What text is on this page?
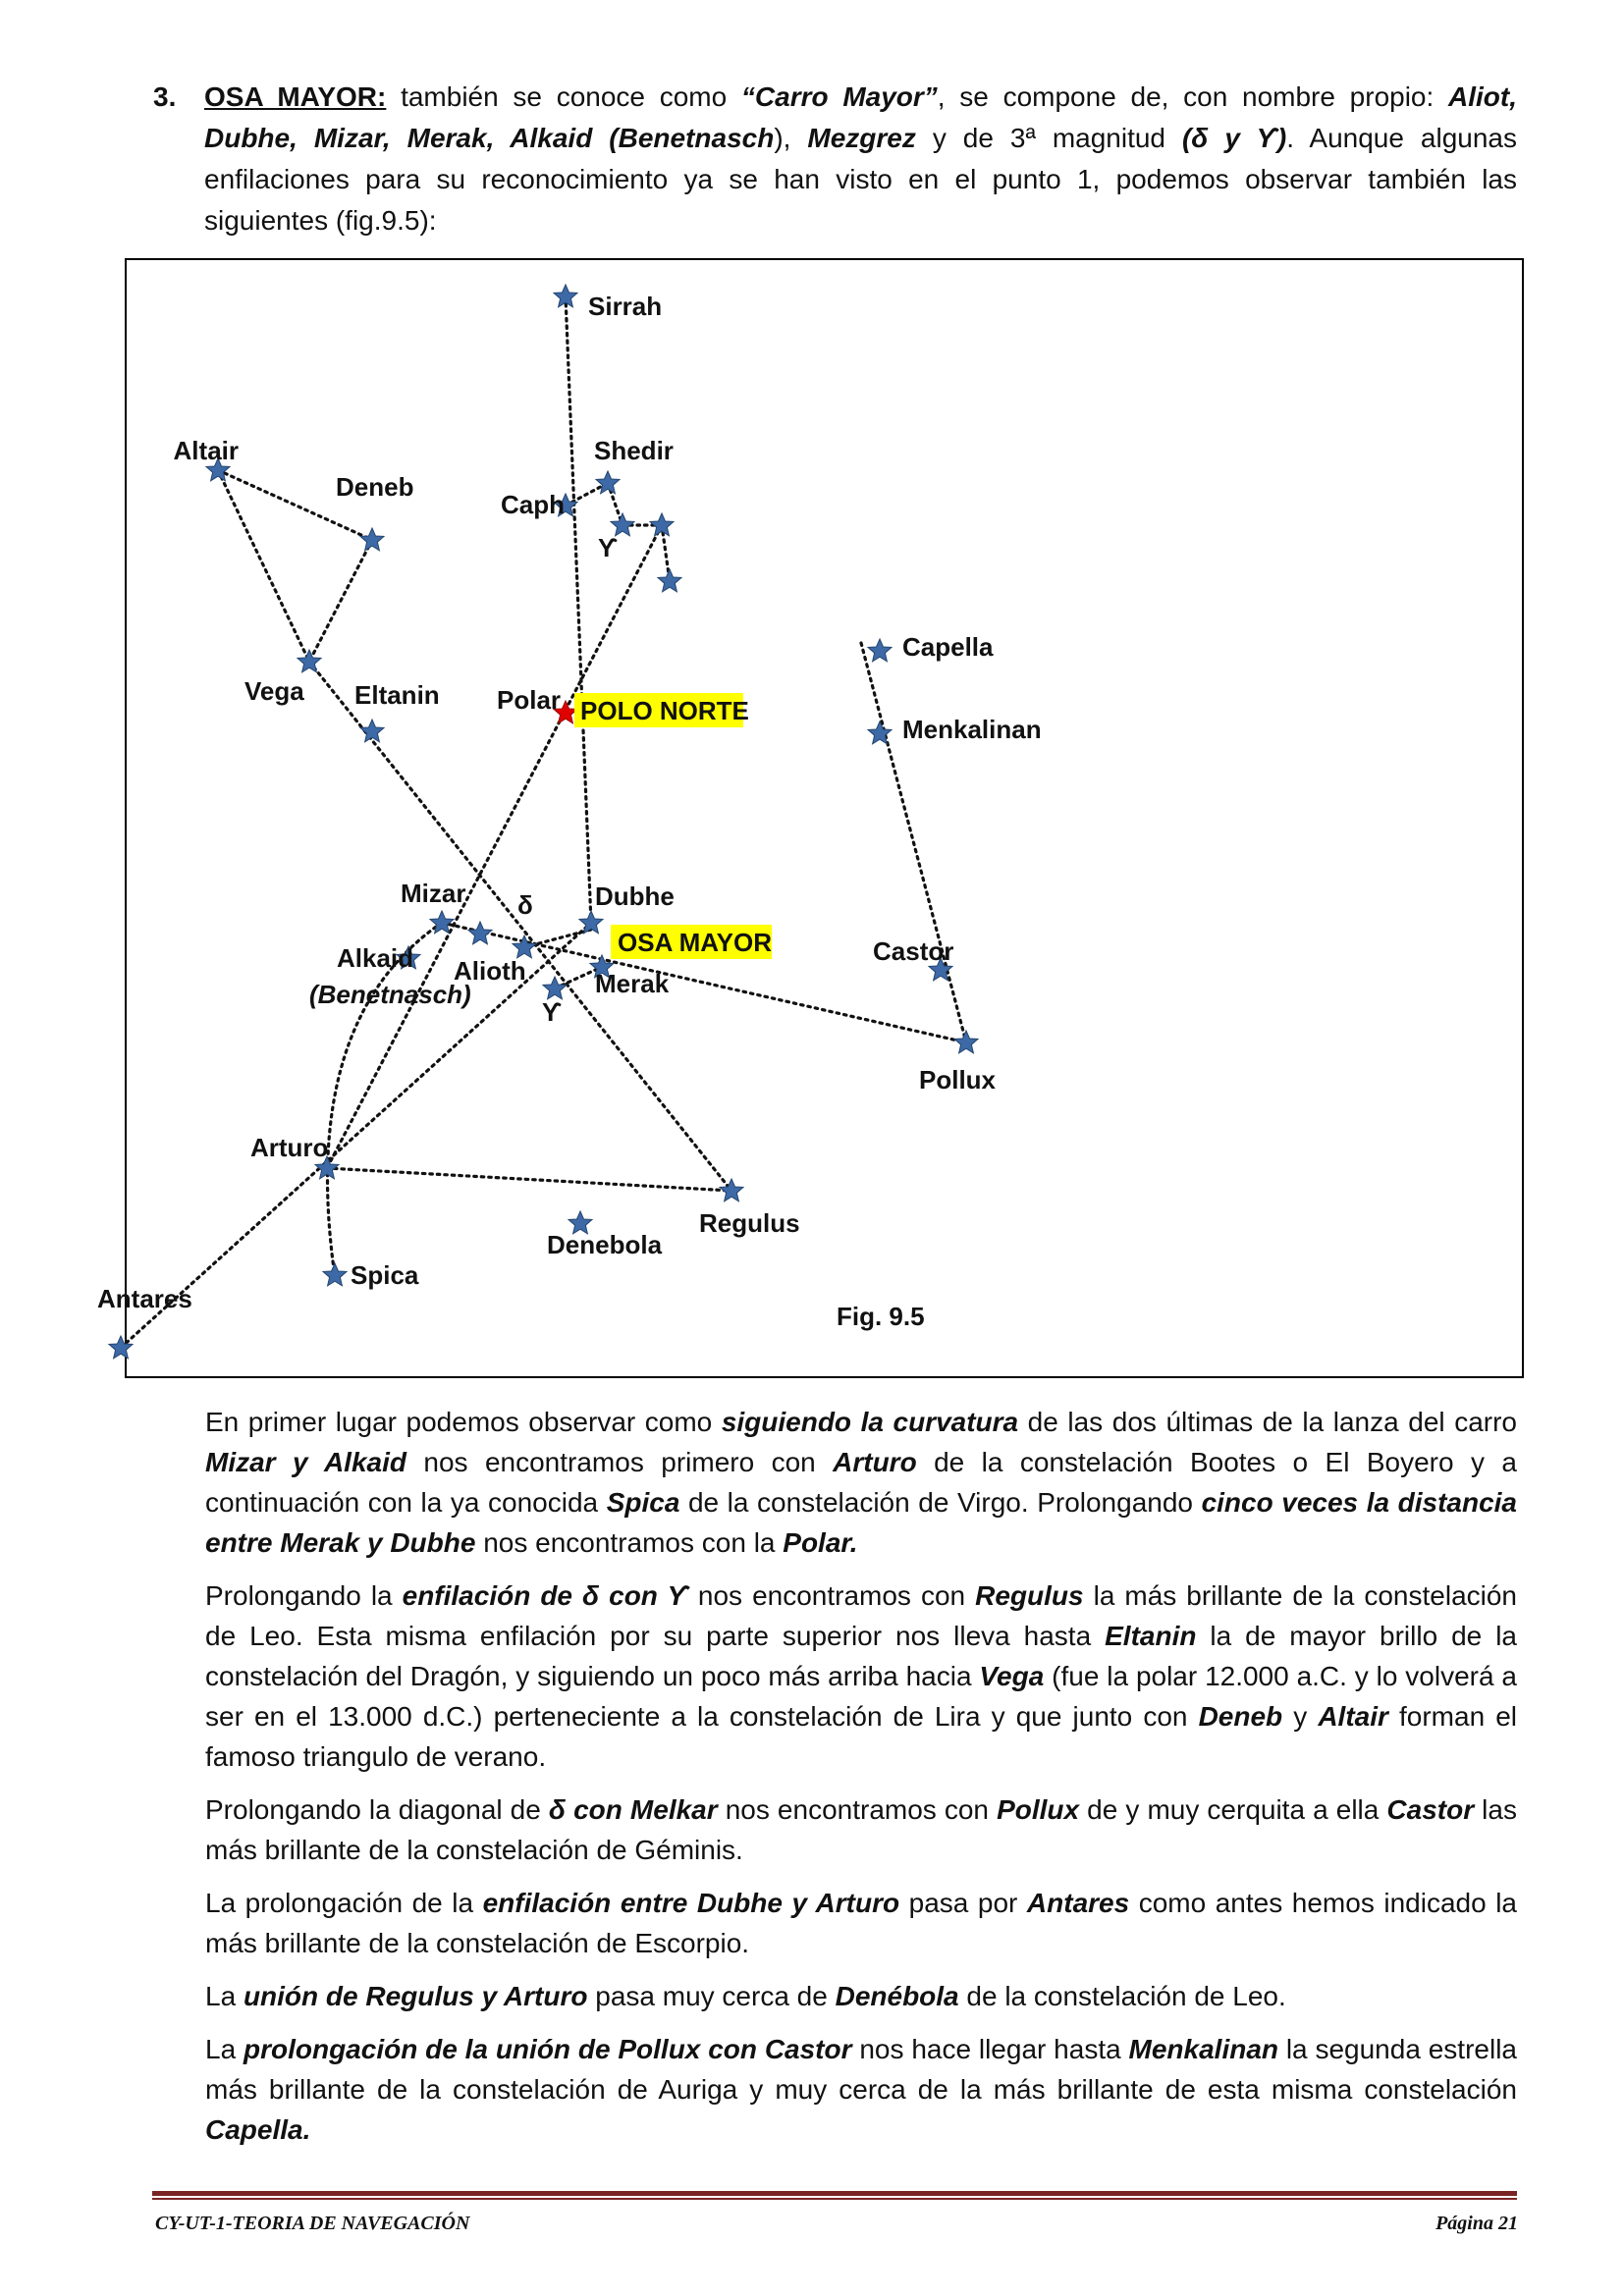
3. OSA MAYOR: también se conoce como “Carro Mayor”, se compone de, con nombre propio: Aliot, Dubhe, Mizar, Merak, Alkaid (Benetnasch), Mezgrez y de 3ª magnitud (δ y ϒ). Aunque algunas enfilaciones para su reconocimiento ya se han visto en el punto 1, podemos observar también las siguientes (fig.9.5):
Sirrah
Shedir
Caph
ϒ
Altair
Deneb
Vega Eltanin Polar POLO NORTE
Capella
Menkalinan
Mizar δ Dubhe
OSA MAYOR
Alkaid
(Benetnasch)
Alioth	Merak
ϒ
Castor
Pollux
Arturo
Regulus
Denebola
Spica
Antares
Fig. 9.5

En primer lugar podemos observar como siguiendo la curvatura de las dos últimas de la lanza del carro Mizar y Alkaid nos encontramos primero con Arturo de la constelación Bootes o El Boyero y a continuación con la ya conocida Spica de la constelación de Virgo. Prolongando cinco veces la distancia entre Merak y Dubhe nos encontramos con la Polar.

Prolongando la enfilación de δ con ϒ nos encontramos con Regulus la más brillante de la constelación de Leo. Esta misma enfilación por su parte superior nos lleva hasta Eltanin la de mayor brillo de la constelación del Dragón, y siguiendo un poco más arriba hacia Vega (fue la polar 12.000 a.C. y lo volverá a ser en el 13.000 d.C.) perteneciente a la constelación de Lira y que junto con Deneb y Altair forman el famoso triangulo de verano.

Prolongando la diagonal de δ con Melkar nos encontramos con Pollux de y muy cerquita a ella Castor las más brillante de la constelación de Géminis.

La prolongación de la enfilación entre Dubhe y Arturo pasa por Antares como antes hemos indicado la más brillante de la constelación de Escorpio.

La unión de Regulus y Arturo pasa muy cerca de Denébola de la constelación de Leo.

La prolongación de la unión de Pollux con Castor nos hace llegar hasta Menkalinan la segunda estrella más brillante de la constelación de Auriga y muy cerca de la más brillante de esta misma constelación Capella.

CY-UT-1-TEORIA DE NAVEGACIÓN	Página 21
